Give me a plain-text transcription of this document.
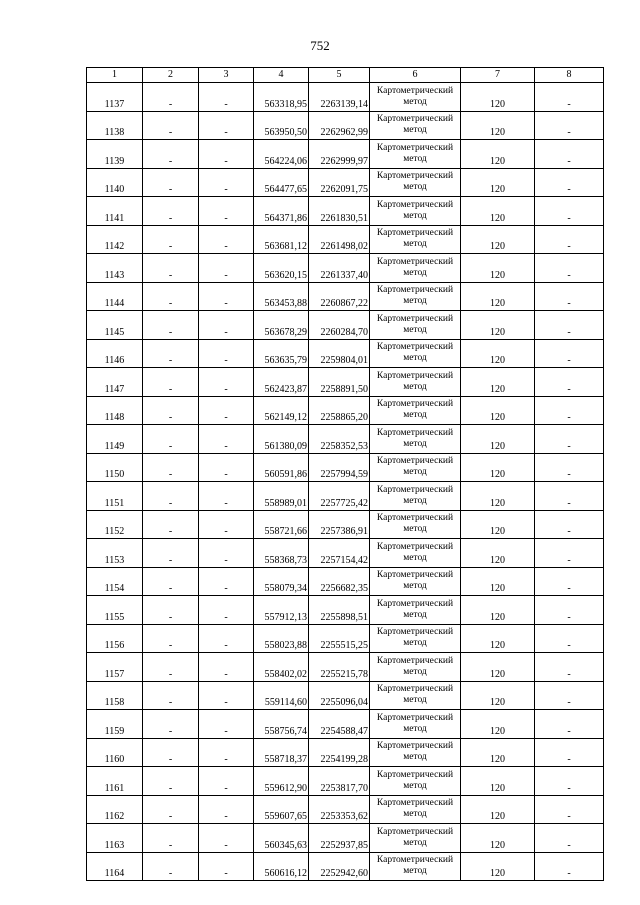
752
1	2	3	4	5	6	7	8
1137	-	-	563318,95	2263139,14	Картометрический метод	120	-
1138	-	-	563950,50	2262962,99	Картометрический метод	120	-
1139	-	-	564224,06	2262999,97	Картометрический метод	120	-
1140	-	-	564477,65	2262091,75	Картометрический метод	120	-
1141	-	-	564371,86	2261830,51	Картометрический метод	120	-
1142	-	-	563681,12	2261498,02	Картометрический метод	120	-
1143	-	-	563620,15	2261337,40	Картометрический метод	120	-
1144	-	-	563453,88	2260867,22	Картометрический метод	120	-
1145	-	-	563678,29	2260284,70	Картометрический метод	120	-
1146	-	-	563635,79	2259804,01	Картометрический метод	120	-
1147	-	-	562423,87	2258891,50	Картометрический метод	120	-
1148	-	-	562149,12	2258865,20	Картометрический метод	120	-
1149	-	-	561380,09	2258352,53	Картометрический метод	120	-
1150	-	-	560591,86	2257994,59	Картометрический метод	120	-
1151	-	-	558989,01	2257725,42	Картометрический метод	120	-
1152	-	-	558721,66	2257386,91	Картометрический метод	120	-
1153	-	-	558368,73	2257154,42	Картометрический метод	120	-
1154	-	-	558079,34	2256682,35	Картометрический метод	120	-
1155	-	-	557912,13	2255898,51	Картометрический метод	120	-
1156	-	-	558023,88	2255515,25	Картометрический метод	120	-
1157	-	-	558402,02	2255215,78	Картометрический метод	120	-
1158	-	-	559114,60	2255096,04	Картометрический метод	120	-
1159	-	-	558756,74	2254588,47	Картометрический метод	120	-
1160	-	-	558718,37	2254199,28	Картометрический метод	120	-
1161	-	-	559612,90	2253817,70	Картометрический метод	120	-
1162	-	-	559607,65	2253353,62	Картометрический метод	120	-
1163	-	-	560345,63	2252937,85	Картометрический метод	120	-
1164	-	-	560616,12	2252942,60	Картометрический метод	120	-
